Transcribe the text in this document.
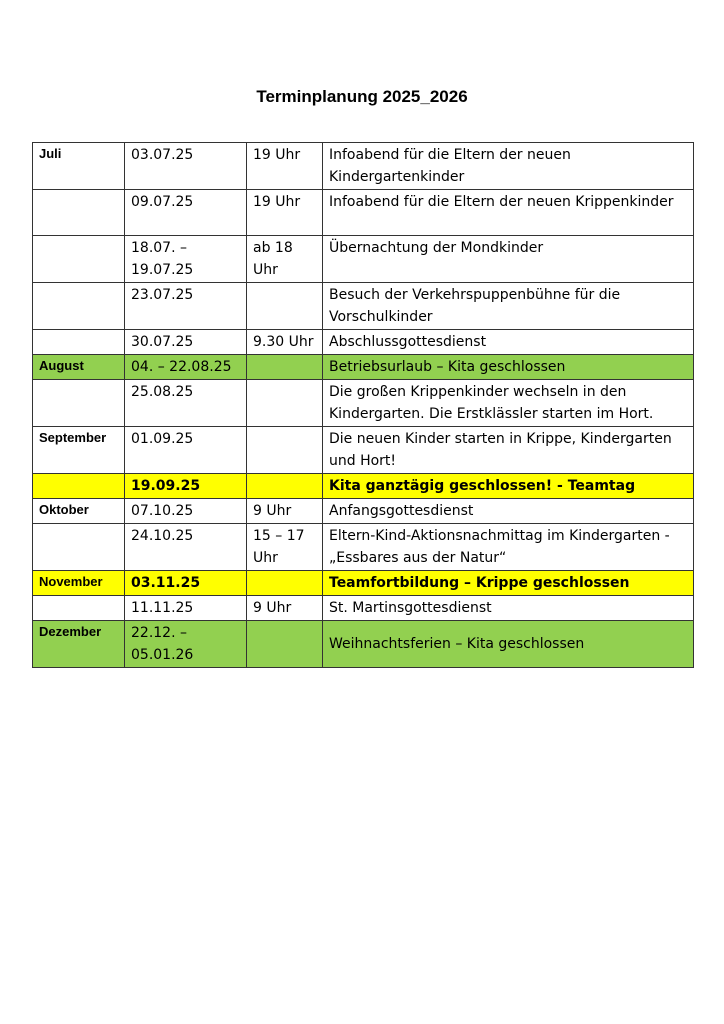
Terminplanung 2025_2026
Juli	03.07.25	19 Uhr	Infoabend für die Eltern der neuen Kindergartenkinder
	09.07.25	19 Uhr	Infoabend für die Eltern der neuen Krippenkinder
	18.07. – 19.07.25	ab 18 Uhr	Übernachtung der Mondkinder
	23.07.25		Besuch der Verkehrspuppenbühne für die Vorschulkinder
	30.07.25	9.30 Uhr	Abschlussgottesdienst
August	04. – 22.08.25		Betriebsurlaub – Kita geschlossen
	25.08.25		Die großen Krippenkinder wechseln in den Kindergarten. Die Erstklässler starten im Hort.
September	01.09.25		Die neuen Kinder starten in Krippe, Kindergarten und Hort!
	19.09.25		Kita ganztägig geschlossen! - Teamtag
Oktober	07.10.25	9 Uhr	Anfangsgottesdienst
	24.10.25	15 – 17 Uhr	Eltern-Kind-Aktionsnachmittag im Kindergarten - „Essbares aus der Natur“
November	03.11.25		Teamfortbildung – Krippe geschlossen
	11.11.25	9 Uhr	St. Martinsgottesdienst
Dezember	22.12. – 05.01.26		Weihnachtsferien – Kita geschlossen
